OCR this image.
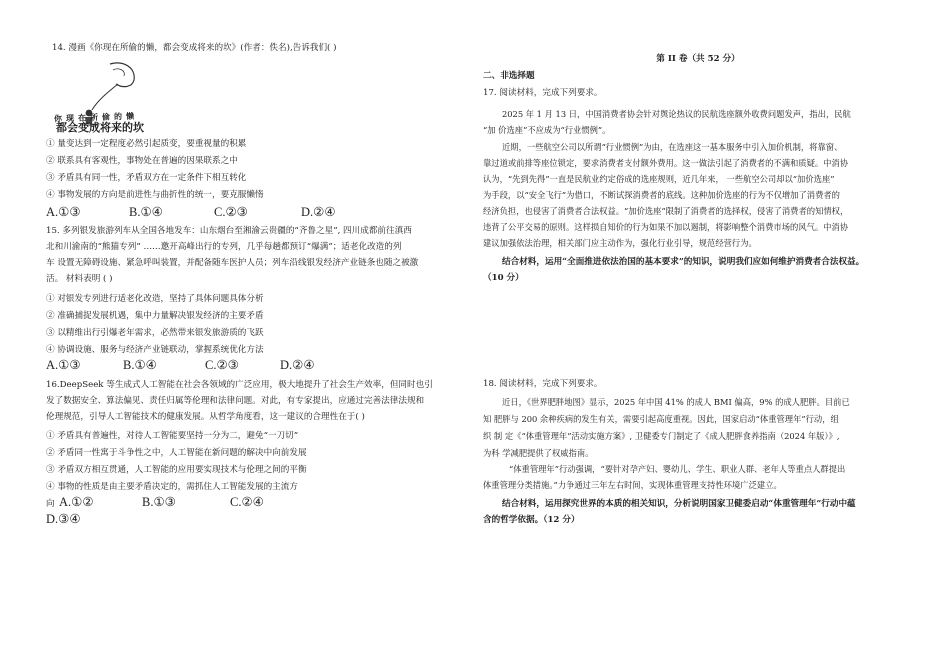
14. 漫画《你现在所偷的懒，都会变成将来的坎》(作者：佚名),告诉我们( )
你现在所偷的懒
都会变成将来的坎
① 量变达到一定程度必然引起质变，要重视量的积累
② 联系具有客观性，事物处在普遍的因果联系之中
③ 矛盾具有同一性，矛盾双方在一定条件下相互转化
④ 事物发展的方向是前进性与曲折性的统一，要克服懒惰
A.①③	B.①④	C.②③	D.②④
15. 多列银发旅游列车从全国各地发车：山东烟台至湘渝云贵疆的“齐鲁之星”, 四川成都前往滇西
北和川渝南的“熊猫专列” ……邀开高峰出行的专列，几乎每趟都预订“爆满”；适老化改造的列
车 设置无障碍设施、紧急呼叫装置，并配备随车医护人员；列车沿线银发经济产业链条也随之被激
活。 材料表明 ( )
① 对银发专列进行适老化改造，坚持了具体问题具体分析
② 准确捕捉发展机遇，集中力量解决银发经济的主要矛盾
③ 以精维出行引爆老年需求，必然带来银发旅游质的飞跃
④ 协调设施、服务与经济产业链联动，掌握系统优化方法
A.①③	B.①④	C.②③	D.②④
16.DeepSeek 等生成式人工智能在社会各领域的广泛应用，极大地提升了社会生产效率，但同时也引
发了数据安全、算法偏见、责任归属等伦理和法律问题。对此，有专家提出，应通过完善法律法规和
伦理规范，引导人工智能技术的健康发展。从哲学角度看，这一建议的合理性在于( )
① 矛盾具有普遍性，对待人工智能要坚持一分为二，避免“一刀切”
② 矛盾同一性寓于斗争性之中，人工智能在新问题的解决中向前发展
③ 矛盾双方相互贯通，人工智能的应用要实现技术与伦理之间的平衡
④ 事物的性质是由主要矛盾决定的，需抓住人工智能发展的主流方
向 A.①②	B.①③	C.②④
D.③④
第 II 卷（共 52 分）
二、非选择题
17. 阅读材料，完成下列要求。
2025 年 1 月 13 日，中国消费者协会针对舆论热议的民航选座额外收费问题发声，指出，民航
“加 价选座”不应成为“行业惯例”。
近期，一些航空公司以所谓“行业惯例”为由，在选座这一基本服务中引入加价机制，将靠窗、
靠过道或前排等座位锁定，要求消费者支付额外费用。这一做法引起了消费者的不满和质疑。中消协
认为，“先到先得”一直是民航业约定俗成的选座规则，近几年来， 一些航空公司却以“加价选座”
为手段，以“安全飞行”为借口，不断试探消费者的底线。这种加价选座的行为不仅增加了消费者的
经济负担，也侵害了消费者合法权益。“加价选座”限制了消费者的选择权，侵害了消费者的知情权，
违背了公平交易的原则。这样损自知价的行为如果不加以遏制，将影响整个消费市场的风气。中消协
建议加强依法治理，相关部门应主动作为，强化行业引导，规范经营行为。
结合材料，运用“全面推进依法治国的基本要求”的知识，说明我们应如何维护消费者合法权益。
（10 分）
18. 阅读材料，完成下列要求。
近日，《世界肥胖地图》显示，2025 年中国 41% 的成人 BMI 偏高，9% 的成人肥胖。目前已
知 肥胖与 200 余种疾病的发生有关，需要引起高度重视。因此，国家启动“体重管理年”行动，组
织 制 定《“体重管理年”活动实施方案》, 卫健委专门制定了《成人肥胖食养指南（2024 年版）》,
为科 学减肥提供了权威指南。
“体重管理年”行动强调，“要针对孕产妇、婴幼儿、学生、职业人群、老年人等重点人群提出
体重管理分类措施。”力争通过三年左右时间，实现体重管理支持性环境广泛建立。
结合材料，运用探究世界的本质的相关知识，分析说明国家卫健委启动“体重管理年”行动中蕴
含的哲学依据。（12 分）
